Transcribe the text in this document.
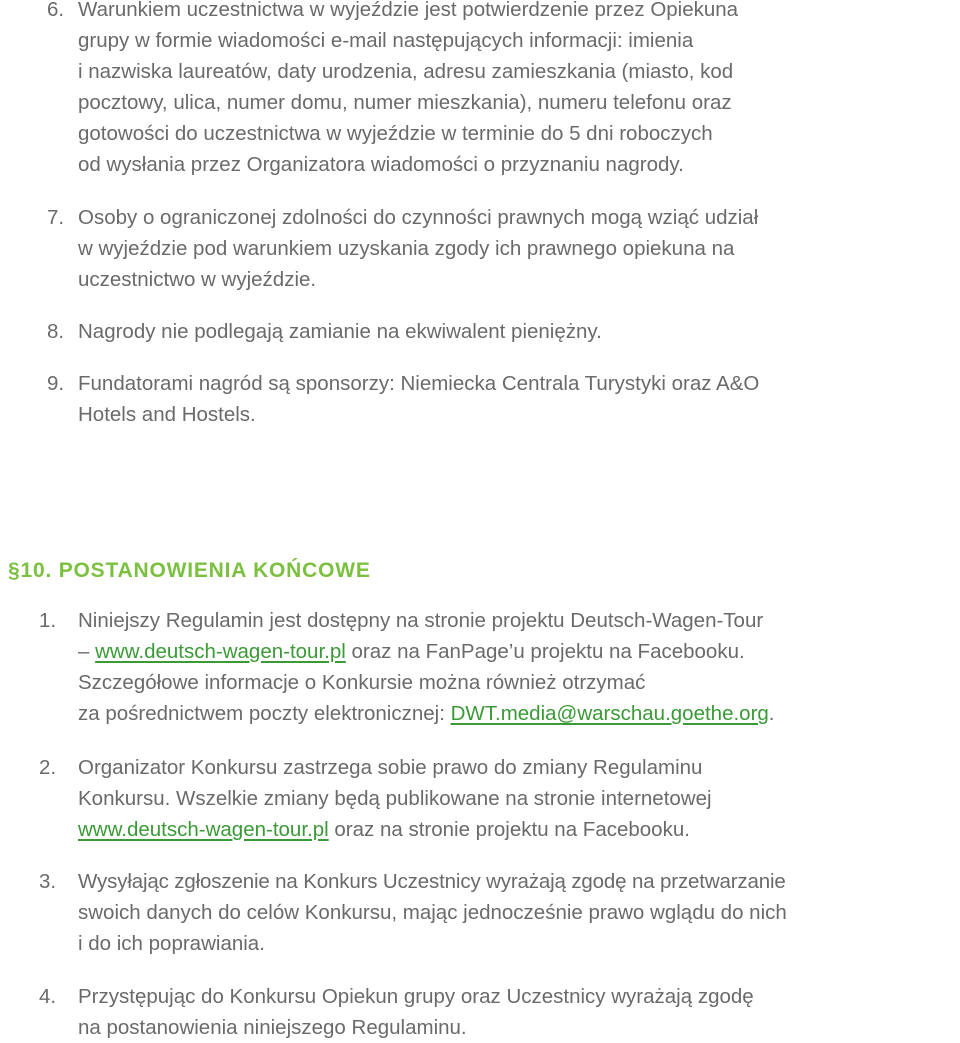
6. Warunkiem uczestnictwa w wyjeździe jest potwierdzenie przez Opiekuna
grupy w formie wiadomości e-mail następujących informacji: imienia
i nazwiska laureatów, daty urodzenia, adresu zamieszkania (miasto, kod
pocztowy, ulica, numer domu, numer mieszkania), numeru telefonu oraz
gotowości do uczestnictwa w wyjeździe w terminie do 5 dni roboczych
od wysłania przez Organizatora wiadomości o przyznaniu nagrody.
7. Osoby o ograniczonej zdolności do czynności prawnych mogą wziąć udział
w wyjeździe pod warunkiem uzyskania zgody ich prawnego opiekuna na
uczestnictwo w wyjeździe.
8. Nagrody nie podlegają zamianie na ekwiwalent pieniężny.
9. Fundatorami nagród są sponsorzy: Niemiecka Centrala Turystyki oraz A&O
Hotels and Hostels.
§10. POSTANOWIENIA KOŃCOWE
1. Niniejszy Regulamin jest dostępny na stronie projektu Deutsch-Wagen-Tour
– www.deutsch-wagen-tour.pl oraz na FanPage’u projektu na Facebooku.
Szczegółowe informacje o Konkursie można również otrzymać
za pośrednictwem poczty elektronicznej: DWT.media@warschau.goethe.org.
2. Organizator Konkursu zastrzega sobie prawo do zmiany Regulaminu
Konkursu. Wszelkie zmiany będą publikowane na stronie internetowej
www.deutsch-wagen-tour.pl oraz na stronie projektu na Facebooku.
3. Wysyłając zgłoszenie na Konkurs Uczestnicy wyrażają zgodę na przetwarzanie
swoich danych do celów Konkursu, mając jednocześnie prawo wglądu do nich
i do ich poprawiania.
4. Przystępując do Konkursu Opiekun grupy oraz Uczestnicy wyrażają zgodę
na postanowienia niniejszego Regulaminu.
